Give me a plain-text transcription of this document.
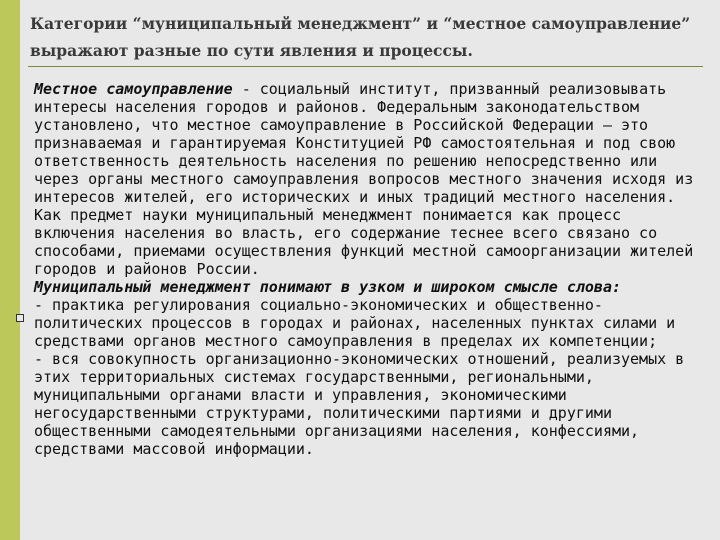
Категории “муниципальный менеджмент” и “местное самоуправление”
выражают разные по сути явления и процессы.

Местное самоуправление - социальный институт, призванный реализовывать интересы населения городов и районов. Федеральным законодательством установлено, что местное самоуправление в Российской Федерации — это признаваемая и гарантируемая Конституцией РФ самостоятельная и под свою ответственность деятельность населения по решению непосредственно или через органы местного самоуправления вопросов местного значения исходя из интересов жителей, его исторических и иных традиций местного населения.

Как предмет науки муниципальный менеджмент понимается как процесс включения населения во власть, его содержание теснее всего связано со способами, приемами осуществления функций местной самоорганизации жителей городов и районов России.

Муниципальный менеджмент понимают в узком и широком смысле слова:

- практика регулирования социально-экономических и общественно-политических процессов в городах и районах, населенных пунктах силами и средствами органов местного самоуправления в пределах их компетенции;

- вся совокупность организационно-экономических отношений, реализуемых в этих территориальных системах государственными, региональными, муниципальными органами власти и управления, экономическими негосударственными структурами, политическими партиями и другими общественными самодеятельными организациями населения, конфессиями, средствами массовой информации.
